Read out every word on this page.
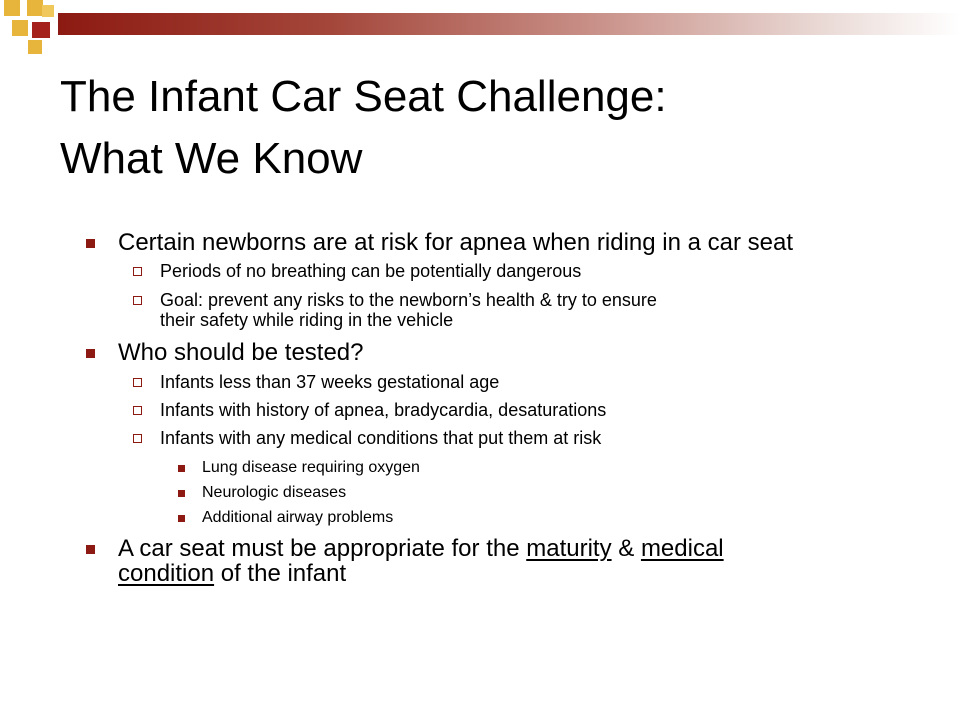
The Infant Car Seat Challenge:
What We Know
Certain newborns are at risk for apnea when riding in a car seat
Periods of no breathing can be potentially dangerous
Goal: prevent any risks to the newborn’s health & try to ensure
their safety while riding in the vehicle
Who should be tested?
Infants less than 37 weeks gestational age
Infants with history of apnea, bradycardia, desaturations
Infants with any medical conditions that put them at risk
Lung disease requiring oxygen
Neurologic diseases
Additional airway problems
A car seat must be appropriate for the maturity & medical
condition of the infant
